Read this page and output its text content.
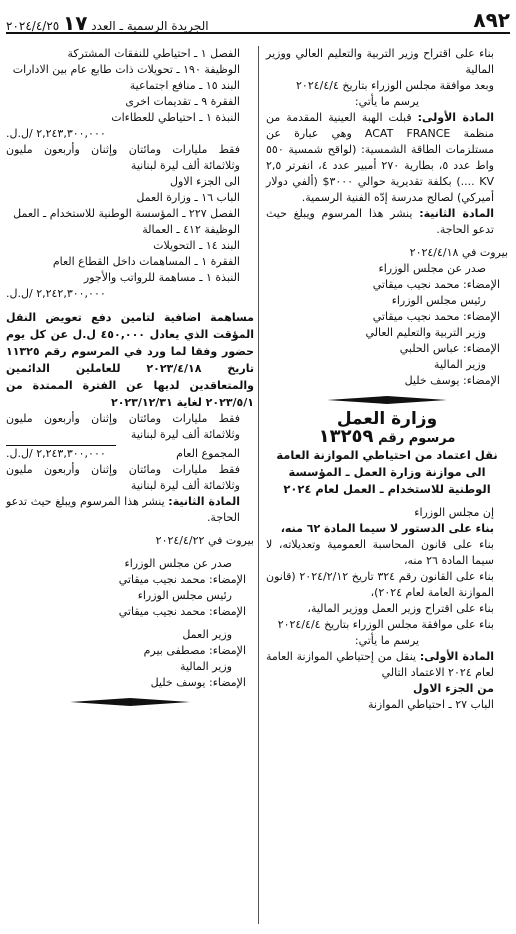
٨٩٢
الجريدة الرسمية ـ العدد ١٧ ٢٠٢٤/٤/٢٥

بناء على اقتراح وزير التربية والتعليم العالي ووزير المالية

وبعد موافقة مجلس الوزراء بتاريخ ٢٠٢٤/٤/٤

يرسم ما يأتي:

المادة الأولى: قبلت الهبة العينية المقدمة من منظمة ACAT FRANCE وهي عبارة عن مستلزمات الطاقة الشمسية: (لواقح شمسية ٥٥٠ واط عدد ٥، بطارية ٢٧٠ أمبير عدد ٤، انفرتر ٢,٥ KV ....) بكلفة تقديرية حوالي ٣٠٠٠$ (ألفي دولار أميركي) لصالح مدرسة إدّه الفنية الرسمية.

المادة الثانية: ينشر هذا المرسوم ويبلغ حيث تدعو الحاجة.

بيروت في ٢٠٢٤/٤/١٨

صدر عن مجلس الوزراء

الإمضاء: محمد نجيب ميقاتي

رئيس مجلس الوزراء

الإمضاء: محمد نجيب ميقاتي

وزير التربية والتعليم العالي

الإمضاء: عباس الحلبي

وزير المالية

الإمضاء: يوسف خليل

وزارة العمل
مرسوم رقم ١٣٢٥٩

نقل اعتماد من احتياطي الموازنة العامة الى موازنة وزارة العمل ـ المؤسسة الوطنية للاستخدام ـ العمل لعام ٢٠٢٤

إن مجلس الوزراء

بناء على الدستور لا سيما المادة ٦٢ منه،

بناء على قانون المحاسبة العمومية وتعديلاته، لا سيما المادة ٢٦ منه،

بناء على القانون رقم ٣٢٤ تاريخ ٢٠٢٤/٢/١٢ (قانون الموازنة العامة لعام ٢٠٢٤)،

بناء على اقتراح وزير العمل ووزير المالية،

بناء على موافقة مجلس الوزراء بتاريخ ٢٠٢٤/٤/٤

يرسم ما يأتي:

المادة الأولى: ينقل من إحتياطي الموازنة العامة لعام ٢٠٢٤ الاعتماد التالي

من الجزء الاول

الباب ٢٧ ـ احتياطي الموازنة

الفصل ١ ـ احتياطي للنفقات المشتركة

الوظيفة ١٩٠ ـ تحويلات ذات طابع عام بين الادارات

البند ١٥ ـ منافع اجتماعية

الفقرة ٩ ـ تقديمات اخرى

النبذة ١ ـ احتياطي للعطاءات

٢,٢٤٣,٣٠٠,٠٠٠ /ل.ل.

فقط مليارات ومائتان وإثنان وأربعون مليون وثلاثمائة ألف ليرة لبنانية

الى الجزء الاول

الباب ١٦ ـ وزارة العمل

الفصل ٢٢٧ ـ المؤسسة الوطنية للاستخدام ـ العمل

الوظيفة ٤١٢ ـ العمالة

البند ١٤ ـ التحويلات

الفقرة ١ ـ المساهمات داخل القطاع العام

النبذة ١ ـ مساهمة للرواتب والأجور

٢,٢٤٢,٣٠٠,٠٠٠ /ل.ل.

مساهمة اضافية لتامين دفع تعويض النقل المؤقت الذي يعادل ٤٥٠,٠٠٠ ل.ل عن كل يوم حضور وفقا لما ورد في المرسوم رقم ١١٣٢٥ تاريخ ٢٠٢٣/٤/١٨ للعاملين الدائمين والمتعاقدين لديها عن الفترة الممتدة من ٢٠٢٣/٥/١ لغاية ٢٠٢٣/١٢/٣١

فقط مليارات ومائتان وإثنان وأربعون مليون وثلاثمائة ألف ليرة لبنانية

المجموع العام
٢,٢٤٣,٣٠٠,٠٠٠ /ل.ل.

فقط مليارات ومائتان وإثنان وأربعون مليون وثلاثمائة ألف ليرة لبنانية

المادة الثانية: ينشر هذا المرسوم ويبلغ حيث تدعو الحاجة.

بيروت في ٢٠٢٤/٤/٢٢

صدر عن مجلس الوزراء

الإمضاء: محمد نجيب ميقاتي

رئيس مجلس الوزراء

الإمضاء: محمد نجيب ميقاتي

وزير العمل

الإمضاء: مصطفى بيرم

وزير المالية

الإمضاء: يوسف خليل
